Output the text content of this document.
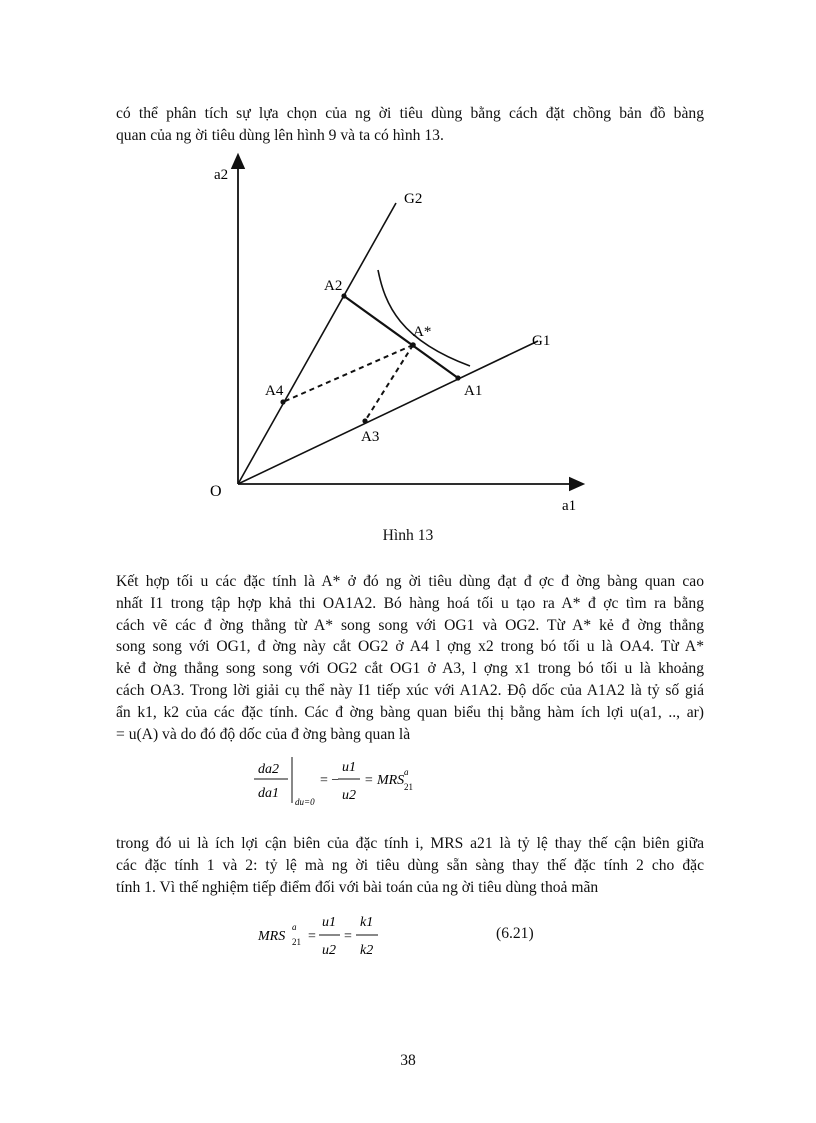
có thể phân tích sự lựa chọn của ng ời tiêu dùng bằng cách đặt chồng bản đồ bàng
quan của ng ời tiêu dùng lên hình 9 và ta có hình 13.
a2
a1
O
G2
G1
A2
A*
A1
A4
A3
Hình 13
Kết hợp tối u các đặc tính là A* ở đó ng ời tiêu dùng đạt đ ợc đ ờng bàng quan cao
nhất I1 trong tập hợp khả thi OA1A2. Bó hàng hoá tối u tạo ra A* đ ợc tìm ra bằng
cách vẽ các đ ờng thẳng từ A* song song với OG1 và OG2. Từ A* kẻ đ ờng thẳng
song song với OG1, đ ờng này cắt OG2 ở A4 l ợng x2 trong bó tối u là OA4. Từ A*
kẻ đ ờng thẳng song song với OG2 cắt OG1 ở A3, l ợng x1 trong bó tối u là khoảng
cách OA3. Trong lời giải cụ thể này I1 tiếp xúc với A1A2. Độ dốc của A1A2 là tỷ số giá
ẩn k1, k2 của các đặc tính. Các đ ờng bàng quan biểu thị bằng hàm ích lợi u(a1, .., ar)
= u(A) và do đó độ dốc của đ ờng bàng quan là
da2
da1
du=0
= −
u1
u2
= MRS
a
21
trong đó ui là ích lợi cận biên của đặc tính i, MRS a21 là tỷ lệ thay thế cận biên giữa
các đặc tính 1 và 2: tỷ lệ mà ng ời tiêu dùng sẵn sàng thay thế đặc tính 2 cho đặc
tính 1. Vì thế nghiệm tiếp điểm đối với bài toán của ng ời tiêu dùng thoả mãn
MRS
a
21 =
u1
u2
=
k1
k2
(6.21)
38
